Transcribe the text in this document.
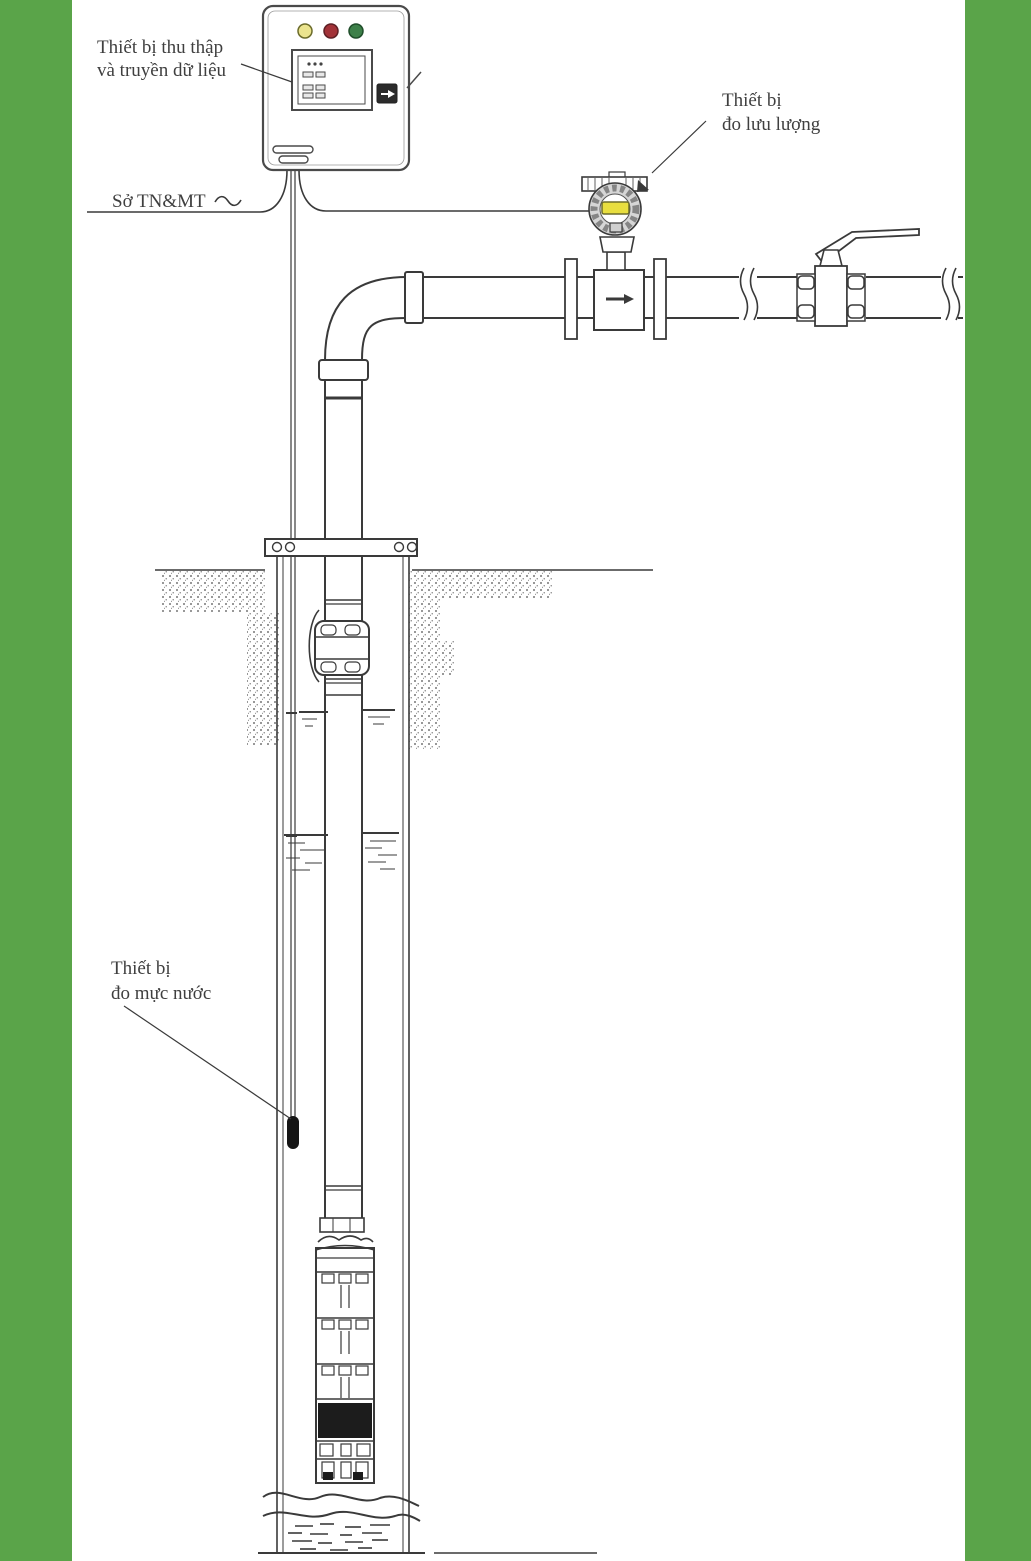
Thiết bị thu thập
và truyền dữ liệu
Sở TN&MT
Thiết bị
đo lưu lượng
Thiết bị
đo mực nước
